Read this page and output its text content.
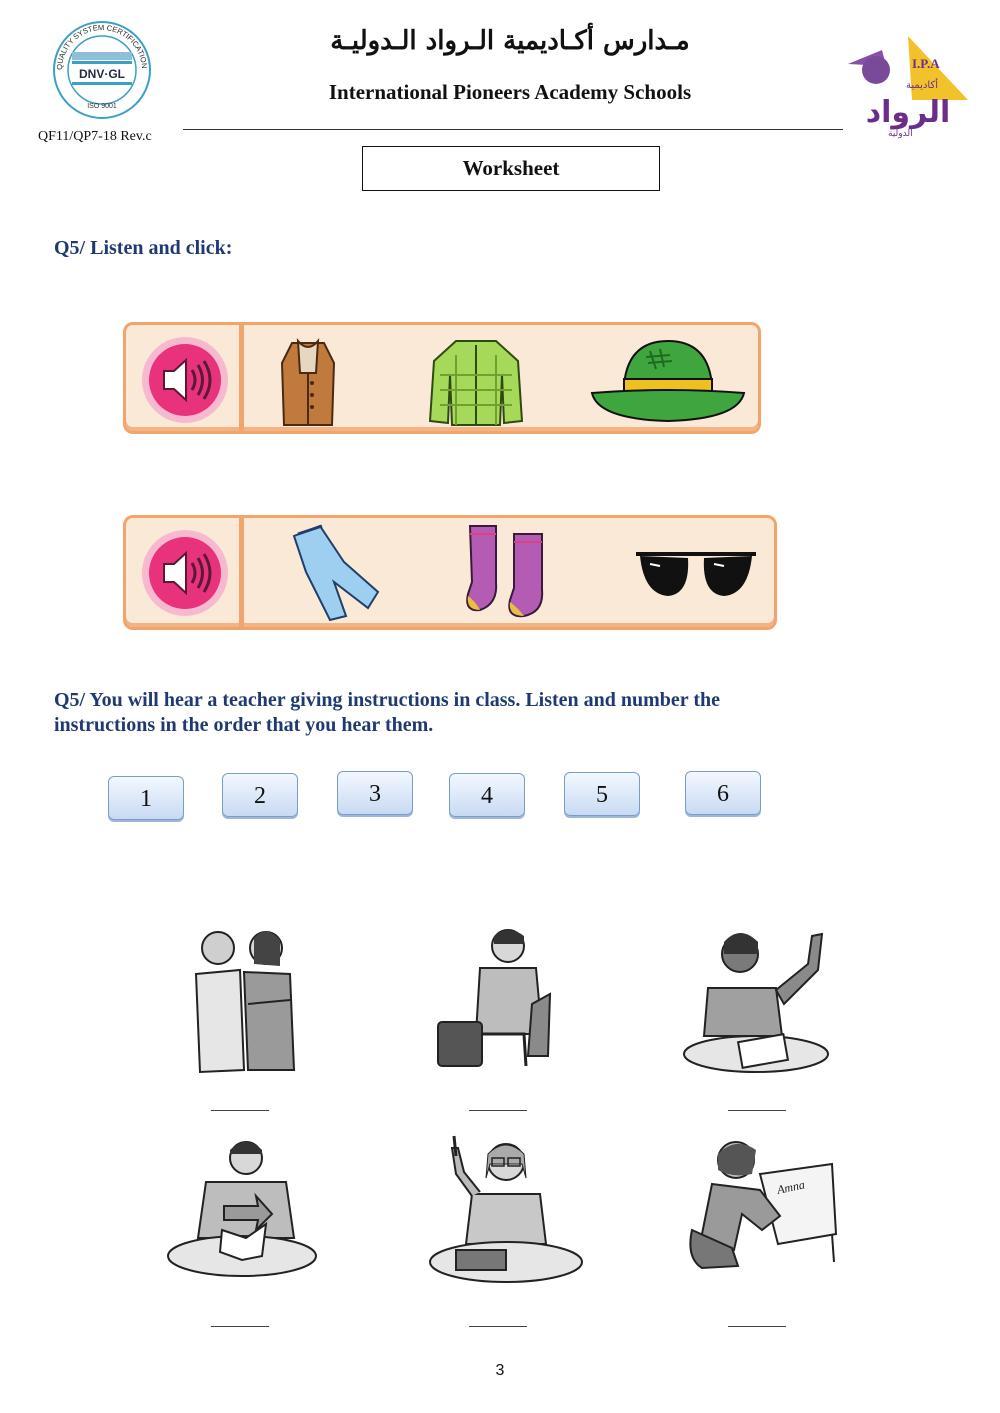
QUALITY SYSTEM CERTIFICATION
DNV·GL
ISO 9001
QF11/QP7-18 Rev.c
مـدارس أكـاديمية الـرواد الـدوليـة
International Pioneers Academy Schools
I.P.A
أكاديمية
الرواد
الدولية
Worksheet
Q5/ Listen and click:
Q5/ You will hear a teacher giving instructions in class. Listen and number the instructions in the order that you hear them.
1	2	3	4	5	6
Amna
3
